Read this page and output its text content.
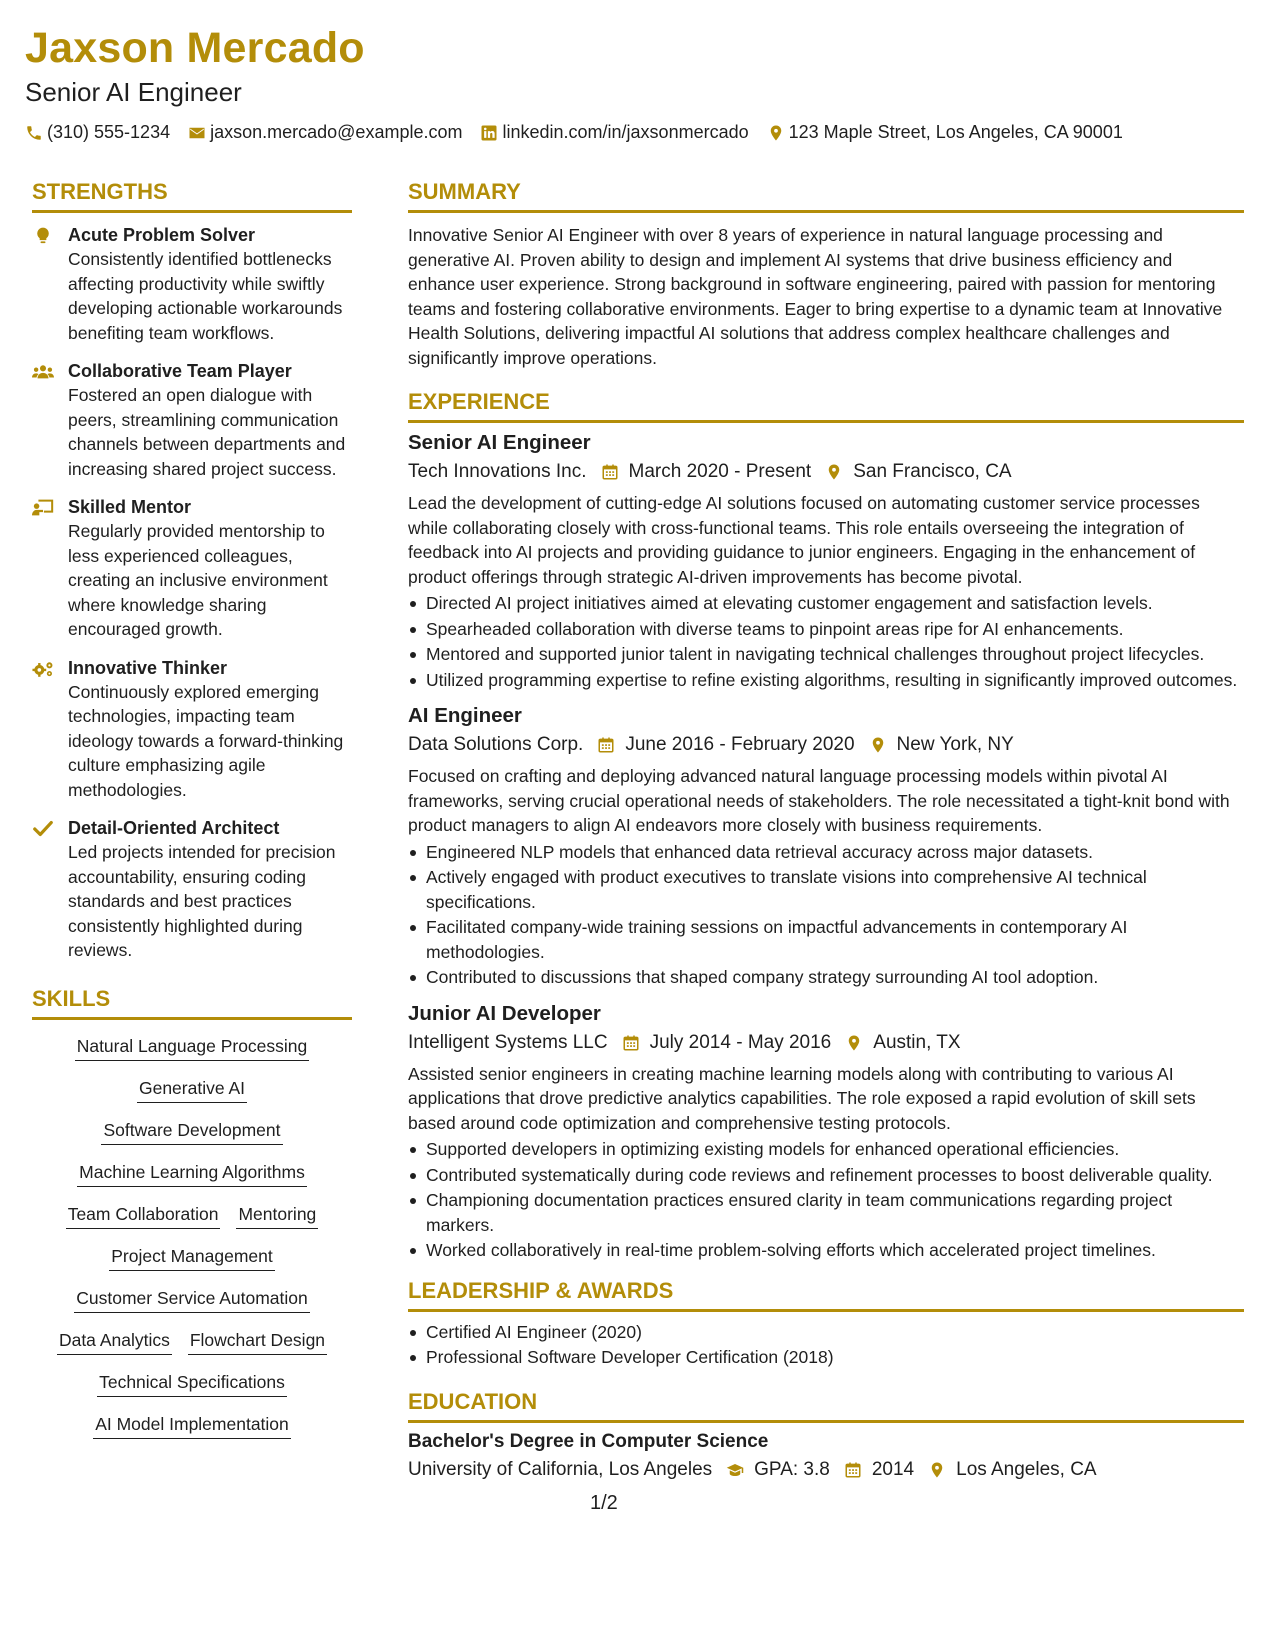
Jaxson Mercado
Senior AI Engineer
(310) 555-1234 jaxson.mercado@example.com linkedin.com/in/jaxsonmercado 123 Maple Street, Los Angeles, CA 90001
STRENGTHS
Acute Problem Solver
Consistently identified bottlenecks affecting productivity while swiftly developing actionable workarounds benefiting team workflows.
Collaborative Team Player
Fostered an open dialogue with peers, streamlining communication channels between departments and increasing shared project success.
Skilled Mentor
Regularly provided mentorship to less experienced colleagues, creating an inclusive environment where knowledge sharing encouraged growth.
Innovative Thinker
Continuously explored emerging technologies, impacting team ideology towards a forward-thinking culture emphasizing agile methodologies.
Detail-Oriented Architect
Led projects intended for precision accountability, ensuring coding standards and best practices consistently highlighted during reviews.
SKILLS
Natural Language Processing
Generative AI
Software Development
Machine Learning Algorithms
Team Collaboration Mentoring
Project Management
Customer Service Automation
Data Analytics Flowchart Design
Technical Specifications
AI Model Implementation
SUMMARY
Innovative Senior AI Engineer with over 8 years of experience in natural language processing and generative AI. Proven ability to design and implement AI systems that drive business efficiency and enhance user experience. Strong background in software engineering, paired with passion for mentoring teams and fostering collaborative environments. Eager to bring expertise to a dynamic team at Innovative Health Solutions, delivering impactful AI solutions that address complex healthcare challenges and significantly improve operations.
EXPERIENCE
Senior AI Engineer
Tech Innovations Inc. March 2020 - Present San Francisco, CA
Lead the development of cutting-edge AI solutions focused on automating customer service processes while collaborating closely with cross-functional teams. This role entails overseeing the integration of feedback into AI projects and providing guidance to junior engineers. Engaging in the enhancement of product offerings through strategic AI-driven improvements has become pivotal.
Directed AI project initiatives aimed at elevating customer engagement and satisfaction levels.
Spearheaded collaboration with diverse teams to pinpoint areas ripe for AI enhancements.
Mentored and supported junior talent in navigating technical challenges throughout project lifecycles.
Utilized programming expertise to refine existing algorithms, resulting in significantly improved outcomes.
AI Engineer
Data Solutions Corp. June 2016 - February 2020 New York, NY
Focused on crafting and deploying advanced natural language processing models within pivotal AI frameworks, serving crucial operational needs of stakeholders. The role necessitated a tight-knit bond with product managers to align AI endeavors more closely with business requirements.
Engineered NLP models that enhanced data retrieval accuracy across major datasets.
Actively engaged with product executives to translate visions into comprehensive AI technical specifications.
Facilitated company-wide training sessions on impactful advancements in contemporary AI methodologies.
Contributed to discussions that shaped company strategy surrounding AI tool adoption.
Junior AI Developer
Intelligent Systems LLC July 2014 - May 2016 Austin, TX
Assisted senior engineers in creating machine learning models along with contributing to various AI applications that drove predictive analytics capabilities. The role exposed a rapid evolution of skill sets based around code optimization and comprehensive testing protocols.
Supported developers in optimizing existing models for enhanced operational efficiencies.
Contributed systematically during code reviews and refinement processes to boost deliverable quality.
Championing documentation practices ensured clarity in team communications regarding project markers.
Worked collaboratively in real-time problem-solving efforts which accelerated project timelines.
LEADERSHIP & AWARDS
Certified AI Engineer (2020)
Professional Software Developer Certification (2018)
EDUCATION
Bachelor's Degree in Computer Science
University of California, Los Angeles GPA: 3.8 2014 Los Angeles, CA
1/2
